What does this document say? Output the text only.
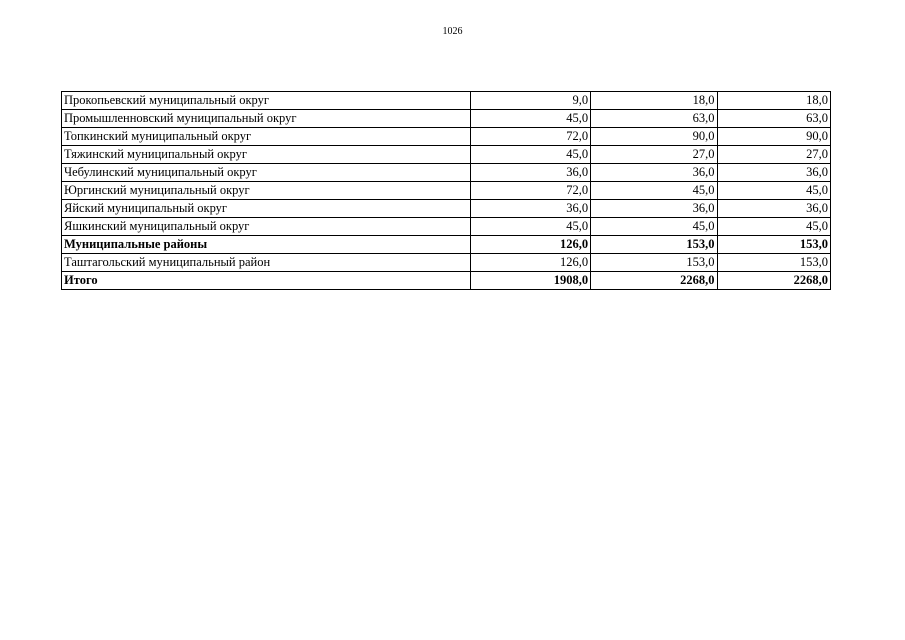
1026
Прокопьевский муниципальный округ	9,0	18,0	18,0
Промышленновский муниципальный округ	45,0	63,0	63,0
Топкинский муниципальный округ	72,0	90,0	90,0
Тяжинский муниципальный округ	45,0	27,0	27,0
Чебулинский муниципальный округ	36,0	36,0	36,0
Юргинский муниципальный округ	72,0	45,0	45,0
Яйский муниципальный округ	36,0	36,0	36,0
Яшкинский муниципальный округ	45,0	45,0	45,0
Муниципальные районы	126,0	153,0	153,0
Таштагольский муниципальный район	126,0	153,0	153,0
Итого	1908,0	2268,0	2268,0
